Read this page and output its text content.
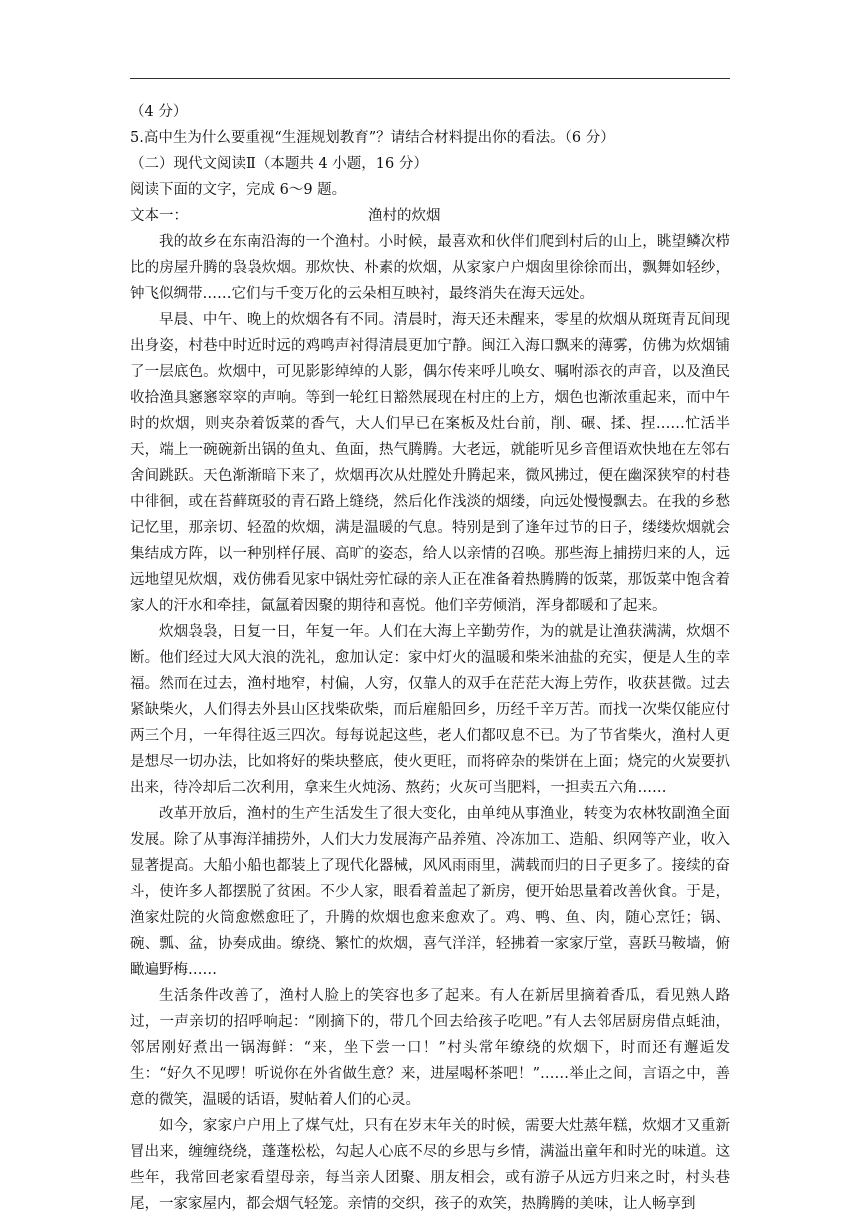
（4 分）
5.高中生为什么要重视“生涯规划教育”？请结合材料提出你的看法。（6 分）
（二）现代文阅读Ⅱ（本题共 4 小题，16 分）
阅读下面的文字，完成 6～9 题。
文本一：	渔村的炊烟

我的故乡在东南沿海的一个渔村。小时候，最喜欢和伙伴们爬到村后的山上，眺望鳞次栉比的房屋升腾的袅袅炊烟。那炊快、朴素的炊烟，从家家户户烟囱里徐徐而出，飘舞如轻纱，钟飞似绸带……它们与千变万化的云朵相互映衬，最终消失在海天远处。

早晨、中午、晚上的炊烟各有不同。清晨时，海天还未醒来，零星的炊烟从斑斑青瓦间现出身姿，村巷中时近时远的鸡鸣声衬得清晨更加宁静。闽江入海口飘来的薄雾，仿佛为炊烟铺了一层底色。炊烟中，可见影影绰绰的人影，偶尔传来呼儿唤女、嘱咐添衣的声音，以及渔民收拾渔具窸窸窣窣的声响。等到一轮红日豁然展现在村庄的上方，烟色也渐浓重起来，而中午时的炊烟，则夹杂着饭菜的香气，大人们早已在案板及灶台前，削、碾、揉、捏……忙活半天，端上一碗碗新出锅的鱼丸、鱼面，热气腾腾。大老远，就能听见乡音俚语欢快地在左邻右舍间跳跃。天色渐渐暗下来了，炊烟再次从灶膛处升腾起来，微风拂过，便在幽深狭窄的村巷中徘徊，或在苔藓斑驳的青石路上缝绕，然后化作浅淡的烟缕，向远处慢慢飘去。在我的乡愁记忆里，那亲切、轻盈的炊烟，满是温暖的气息。特别是到了逢年过节的日子，缕缕炊烟就会集结成方阵，以一种别样仔展、高旷的姿态，给人以亲情的召唤。那些海上捕捞归来的人，远远地望见炊烟，戏仿佛看见家中锅灶旁忙碌的亲人正在准备着热腾腾的饭菜，那饭菜中饱含着家人的汗水和牵挂，氤氲着因聚的期待和喜悦。他们辛劳倾消，浑身都暖和了起来。

炊烟袅袅，日复一日，年复一年。人们在大海上辛勤劳作，为的就是让渔获满满，炊烟不断。他们经过大风大浪的洗礼，愈加认定：家中灯火的温暖和柴米油盐的充实，便是人生的幸福。然而在过去，渔村地窄，村偏，人穷，仅靠人的双手在茫茫大海上劳作，收获甚微。过去紧缺柴火，人们得去外县山区找柴砍柴，而后雇船回乡，历经千辛万苦。而找一次柴仅能应付两三个月，一年得往返三四次。每每说起这些，老人们都叹息不已。为了节省柴火，渔村人更是想尽一切办法，比如将好的柴块整底，使火更旺，而将碎杂的柴饼在上面；烧完的火炭要扒出来，待冷却后二次利用，拿来生火炖汤、熬药；火灰可当肥料，一担卖五六角……

改革开放后，渔村的生产生活发生了很大变化，由单纯从事渔业，转变为农林牧副渔全面发展。除了从事海洋捕捞外，人们大力发展海产品养殖、冷冻加工、造船、织网等产业，收入显著提高。大船小船也都装上了现代化器械，风风雨雨里，满载而归的日子更多了。接续的奋斗，使许多人都摆脱了贫困。不少人家，眼看着盖起了新房，便开始思量着改善伙食。于是，渔家灶院的火筒愈燃愈旺了，升腾的炊烟也愈来愈欢了。鸡、鸭、鱼、肉，随心烹饪；锅、碗、瓢、盆，协奏成曲。缭绕、繁忙的炊烟，喜气洋洋，轻拂着一家家厅堂，喜跃马鞍墙，俯瞰遍野梅……

生活条件改善了，渔村人脸上的笑容也多了起来。有人在新居里摘着香瓜，看见熟人路过，一声亲切的招呼响起：“刚摘下的，带几个回去给孩子吃吧。”有人去邻居厨房借点蚝油，邻居刚好煮出一锅海鲜：“来，坐下尝一口！”村头常年缭绕的炊烟下，时而还有邂逅发生：“好久不见啰！听说你在外省做生意？来，进屋喝杯茶吧！”……举止之间，言语之中，善意的微笑，温暖的话语，熨帖着人们的心灵。

如今，家家户户用上了煤气灶，只有在岁末年关的时候，需要大灶蒸年糕，炊烟才又重新冒出来，缠缠绕绕，蓬蓬松松，勾起人心底不尽的乡思与乡情，满溢出童年和时光的味道。这些年，我常回老家看望母亲，每当亲人团聚、朋友相会，或有游子从远方归来之时，村头巷尾，一家家屋内，都会烟气轻笼。亲情的交织，孩子的欢笑，热腾腾的美味，让人畅享到
